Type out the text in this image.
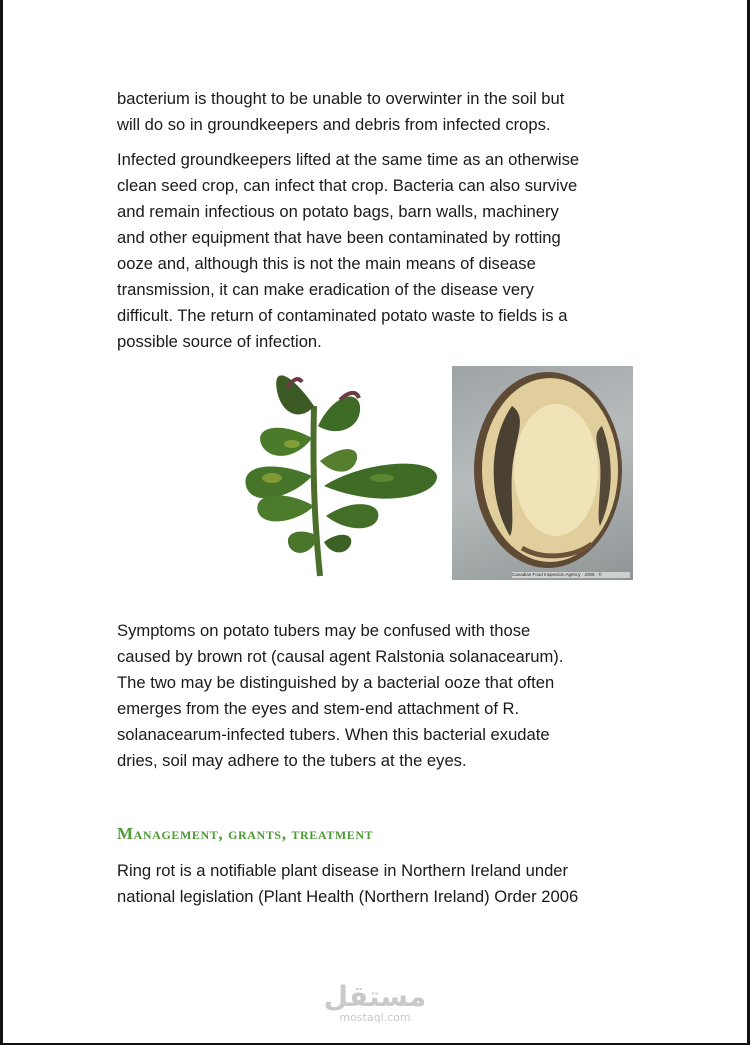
bacterium is thought to be unable to overwinter in the soil but
will do so in groundkeepers and debris from infected crops.

Infected groundkeepers lifted at the same time as an otherwise
clean seed crop, can infect that crop. Bacteria can also survive
and remain infectious on potato bags, barn walls, machinery
and other equipment that have been contaminated by rotting
ooze and, although this is not the main means of disease
transmission, it can make eradication of the disease very
difficult. The return of contaminated potato waste to fields is a
possible source of infection.

Canadian Food Inspection Agency · 2006 · ©

Symptoms on potato tubers may be confused with those
caused by brown rot (causal agent Ralstonia solanacearum).
The two may be distinguished by a bacterial ooze that often
emerges from the eyes and stem-end attachment of R.
solanacearum-infected tubers. When this bacterial exudate
dries, soil may adhere to the tubers at the eyes.

Management, grants, treatment

Ring rot is a notifiable plant disease in Northern Ireland under
national legislation (Plant Health (Northern Ireland) Order 2006

مستقل
mostaql.com
